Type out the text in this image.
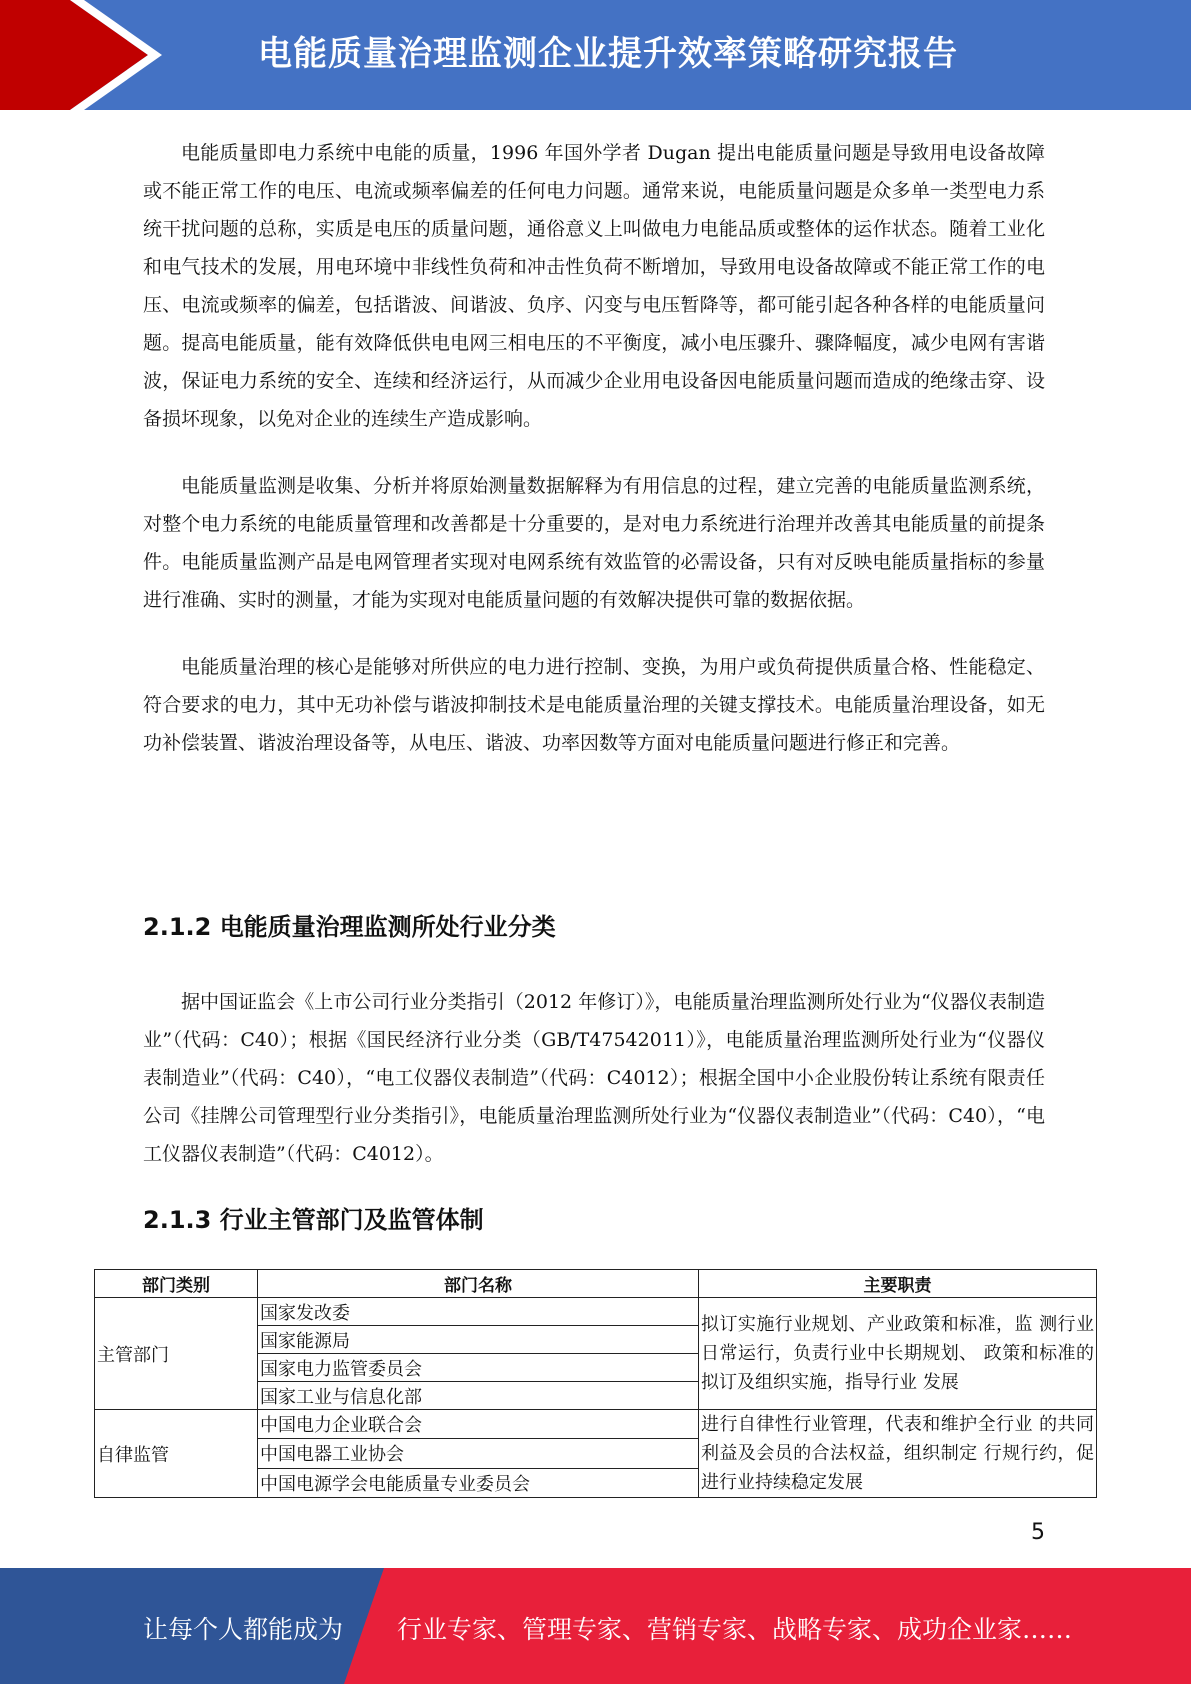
电能质量治理监测企业提升效率策略研究报告

电能质量即电力系统中电能的质量，1996 年国外学者 Dugan 提出电能质量问题是导致用电设备故障或不能正常工作的电压、电流或频率偏差的任何电力问题。通常来说，电能质量问题是众多单一类型电力系统干扰问题的总称，实质是电压的质量问题，通俗意义上叫做电力电能品质或整体的运作状态。随着工业化和电气技术的发展，用电环境中非线性负荷和冲击性负荷不断增加，导致用电设备故障或不能正常工作的电压、电流或频率的偏差，包括谐波、间谐波、负序、闪变与电压暂降等，都可能引起各种各样的电能质量问题。提高电能质量，能有效降低供电电网三相电压的不平衡度，减小电压骤升、骤降幅度，减少电网有害谐波，保证电力系统的安全、连续和经济运行，从而减少企业用电设备因电能质量问题而造成的绝缘击穿、设备损坏现象，以免对企业的连续生产造成影响。

电能质量监测是收集、分析并将原始测量数据解释为有用信息的过程，建立完善的电能质量监测系统，对整个电力系统的电能质量管理和改善都是十分重要的，是对电力系统进行治理并改善其电能质量的前提条件。电能质量监测产品是电网管理者实现对电网系统有效监管的必需设备，只有对反映电能质量指标的参量进行准确、实时的测量，才能为实现对电能质量问题的有效解决提供可靠的数据依据。

电能质量治理的核心是能够对所供应的电力进行控制、变换，为用户或负荷提供质量合格、性能稳定、符合要求的电力，其中无功补偿与谐波抑制技术是电能质量治理的关键支撑技术。电能质量治理设备，如无功补偿装置、谐波治理设备等，从电压、谐波、功率因数等方面对电能质量问题进行修正和完善。

2.1.2 电能质量治理监测所处行业分类

据中国证监会《上市公司行业分类指引（2012 年修订）》，电能质量治理监测所处行业为“仪器仪表制造业”（代码：C40）；根据《国民经济行业分类（GB/T47542011）》，电能质量治理监测所处行业为“仪器仪表制造业”（代码：C40），“电工仪器仪表制造”（代码：C4012）；根据全国中小企业股份转让系统有限责任公司《挂牌公司管理型行业分类指引》，电能质量治理监测所处行业为“仪器仪表制造业”（代码：C40），“电工仪器仪表制造”（代码：C4012）。

2.1.3 行业主管部门及监管体制
部门类别	部门名称	主要职责
主管部门	国家发改委	拟订实施行业规划、产业政策和标准，监 测行业日常运行，负责行业中长期规划、 政策和标准的拟订及组织实施，指导行业 发展
	国家能源局	
	国家电力监管委员会	
	国家工业与信息化部	
自律监管	中国电力企业联合会	进行自律性行业管理，代表和维护全行业 的共同利益及会员的合法权益，组织制定 行规行约，促进行业持续稳定发展
	中国电器工业协会	
	中国电源学会电能质量专业委员会	
5
让每个人都能成为 行业专家、管理专家、营销专家、战略专家、成功企业家……
